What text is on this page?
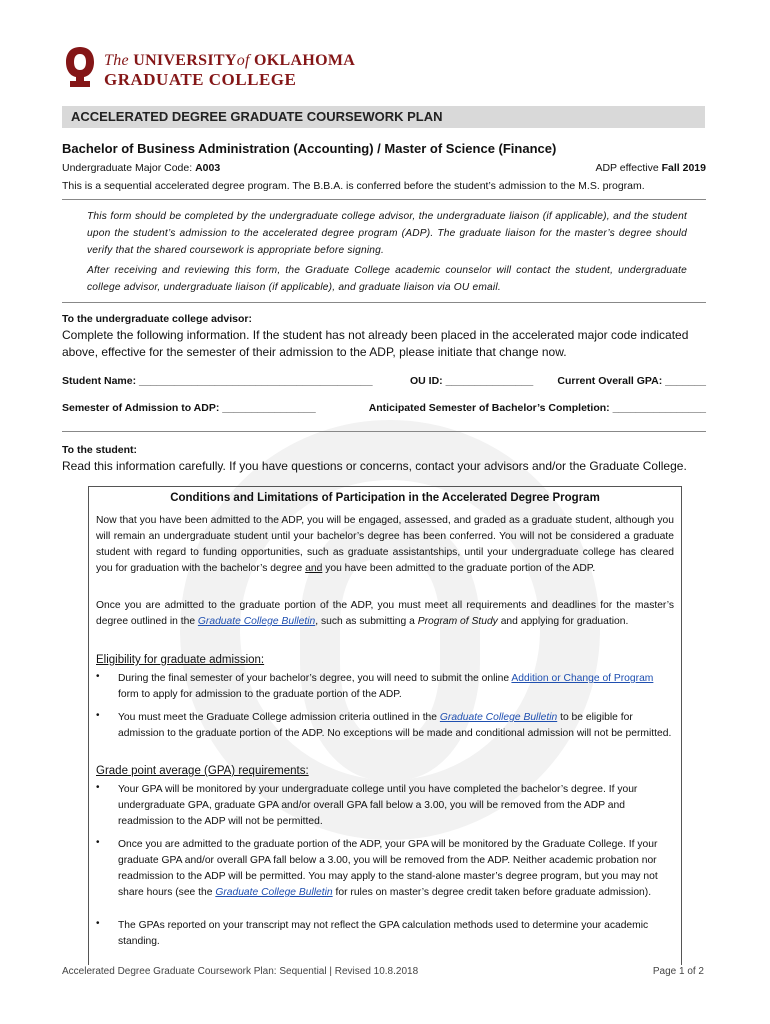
The UNIVERSITYof OKLAHOMA
GRADUATE COLLEGE
ACCELERATED DEGREE GRADUATE COURSEWORK PLAN
Bachelor of Business Administration (Accounting) / Master of Science (Finance)
Undergraduate Major Code: A003	ADP effective Fall 2019
This is a sequential accelerated degree program. The B.B.A. is conferred before the student’s admission to the M.S. program.
This form should be completed by the undergraduate college advisor, the undergraduate liaison (if applicable), and the student upon the student’s admission to the accelerated degree program (ADP). The graduate liaison for the master’s degree should verify that the shared coursework is appropriate before signing.
After receiving and reviewing this form, the Graduate College academic counselor will contact the student, undergraduate college advisor, undergraduate liaison (if applicable), and graduate liaison via OU email.
To the undergraduate college advisor:
Complete the following information. If the student has not already been placed in the accelerated major code indicated above, effective for the semester of their admission to the ADP, please initiate that change now.
Student Name: ________________________________________	OU ID: _______________ Current Overall GPA: _______
Semester of Admission to ADP: ________________	Anticipated Semester of Bachelor’s Completion: ________________
To the student:
Read this information carefully. If you have questions or concerns, contact your advisors and/or the Graduate College.
Conditions and Limitations of Participation in the Accelerated Degree Program
Now that you have been admitted to the ADP, you will be engaged, assessed, and graded as a graduate student, although you will remain an undergraduate student until your bachelor’s degree has been conferred. You will not be considered a graduate student with regard to funding opportunities, such as graduate assistantships, until your undergraduate college has cleared you for graduation with the bachelor’s degree and you have been admitted to the graduate portion of the ADP.
Once you are admitted to the graduate portion of the ADP, you must meet all requirements and deadlines for the master’s degree outlined in the Graduate College Bulletin, such as submitting a Program of Study and applying for graduation.
Eligibility for graduate admission:
• During the final semester of your bachelor’s degree, you will need to submit the online Addition or Change of Program form to apply for admission to the graduate portion of the ADP.
• You must meet the Graduate College admission criteria outlined in the Graduate College Bulletin to be eligible for admission to the graduate portion of the ADP. No exceptions will be made and conditional admission will not be permitted.
Grade point average (GPA) requirements:
• Your GPA will be monitored by your undergraduate college until you have completed the bachelor’s degree. If your undergraduate GPA, graduate GPA and/or overall GPA fall below a 3.00, you will be removed from the ADP and readmission to the ADP will not be permitted.
• Once you are admitted to the graduate portion of the ADP, your GPA will be monitored by the Graduate College. If your graduate GPA and/or overall GPA fall below a 3.00, you will be removed from the ADP. Neither academic probation nor readmission to the ADP will be permitted. You may apply to the stand-alone master’s degree program, but you may not share hours (see the Graduate College Bulletin for rules on master’s degree credit taken before graduate admission).
• The GPAs reported on your transcript may not reflect the GPA calculation methods used to determine your academic standing.
Accelerated Degree Graduate Coursework Plan: Sequential | Revised 10.8.2018	Page 1 of 2
